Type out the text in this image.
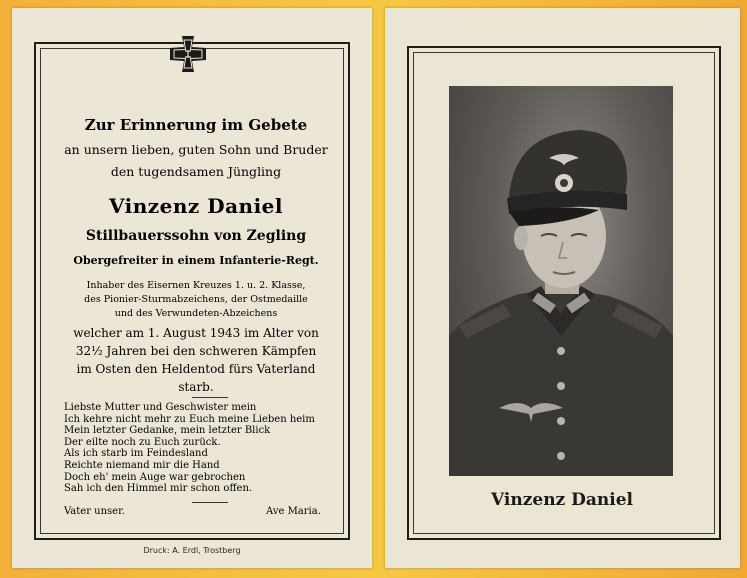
Zur Erinnerung im Gebete
an unsern lieben, guten Sohn und Bruder
den tugendsamen Jüngling
Vinzenz Daniel
Stillbauerssohn von Zegling
Obergefreiter in einem Infanterie-Regt.
Inhaber des Eisernen Kreuzes 1. u. 2. Klasse,
des Pionier-Sturmabzeichens, der Ostmedaille
und des Verwundeten-Abzeichens
welcher am 1. August 1943 im Alter von
32½ Jahren bei den schweren Kämpfen
im Osten den Heldentod fürs Vaterland
starb.
Liebste Mutter und Geschwister mein
Ich kehre nicht mehr zu Euch meine Lieben heim
Mein letzter Gedanke, mein letzter Blick
Der eilte noch zu Euch zurück.
Als ich starb im Feindesland
Reichte niemand mir die Hand
Doch eh' mein Auge war gebrochen
Sah ich den Himmel mir schon offen.
Vater unser.	Ave Maria.
Druck: A. Erdl, Trostberg
Vinzenz Daniel
